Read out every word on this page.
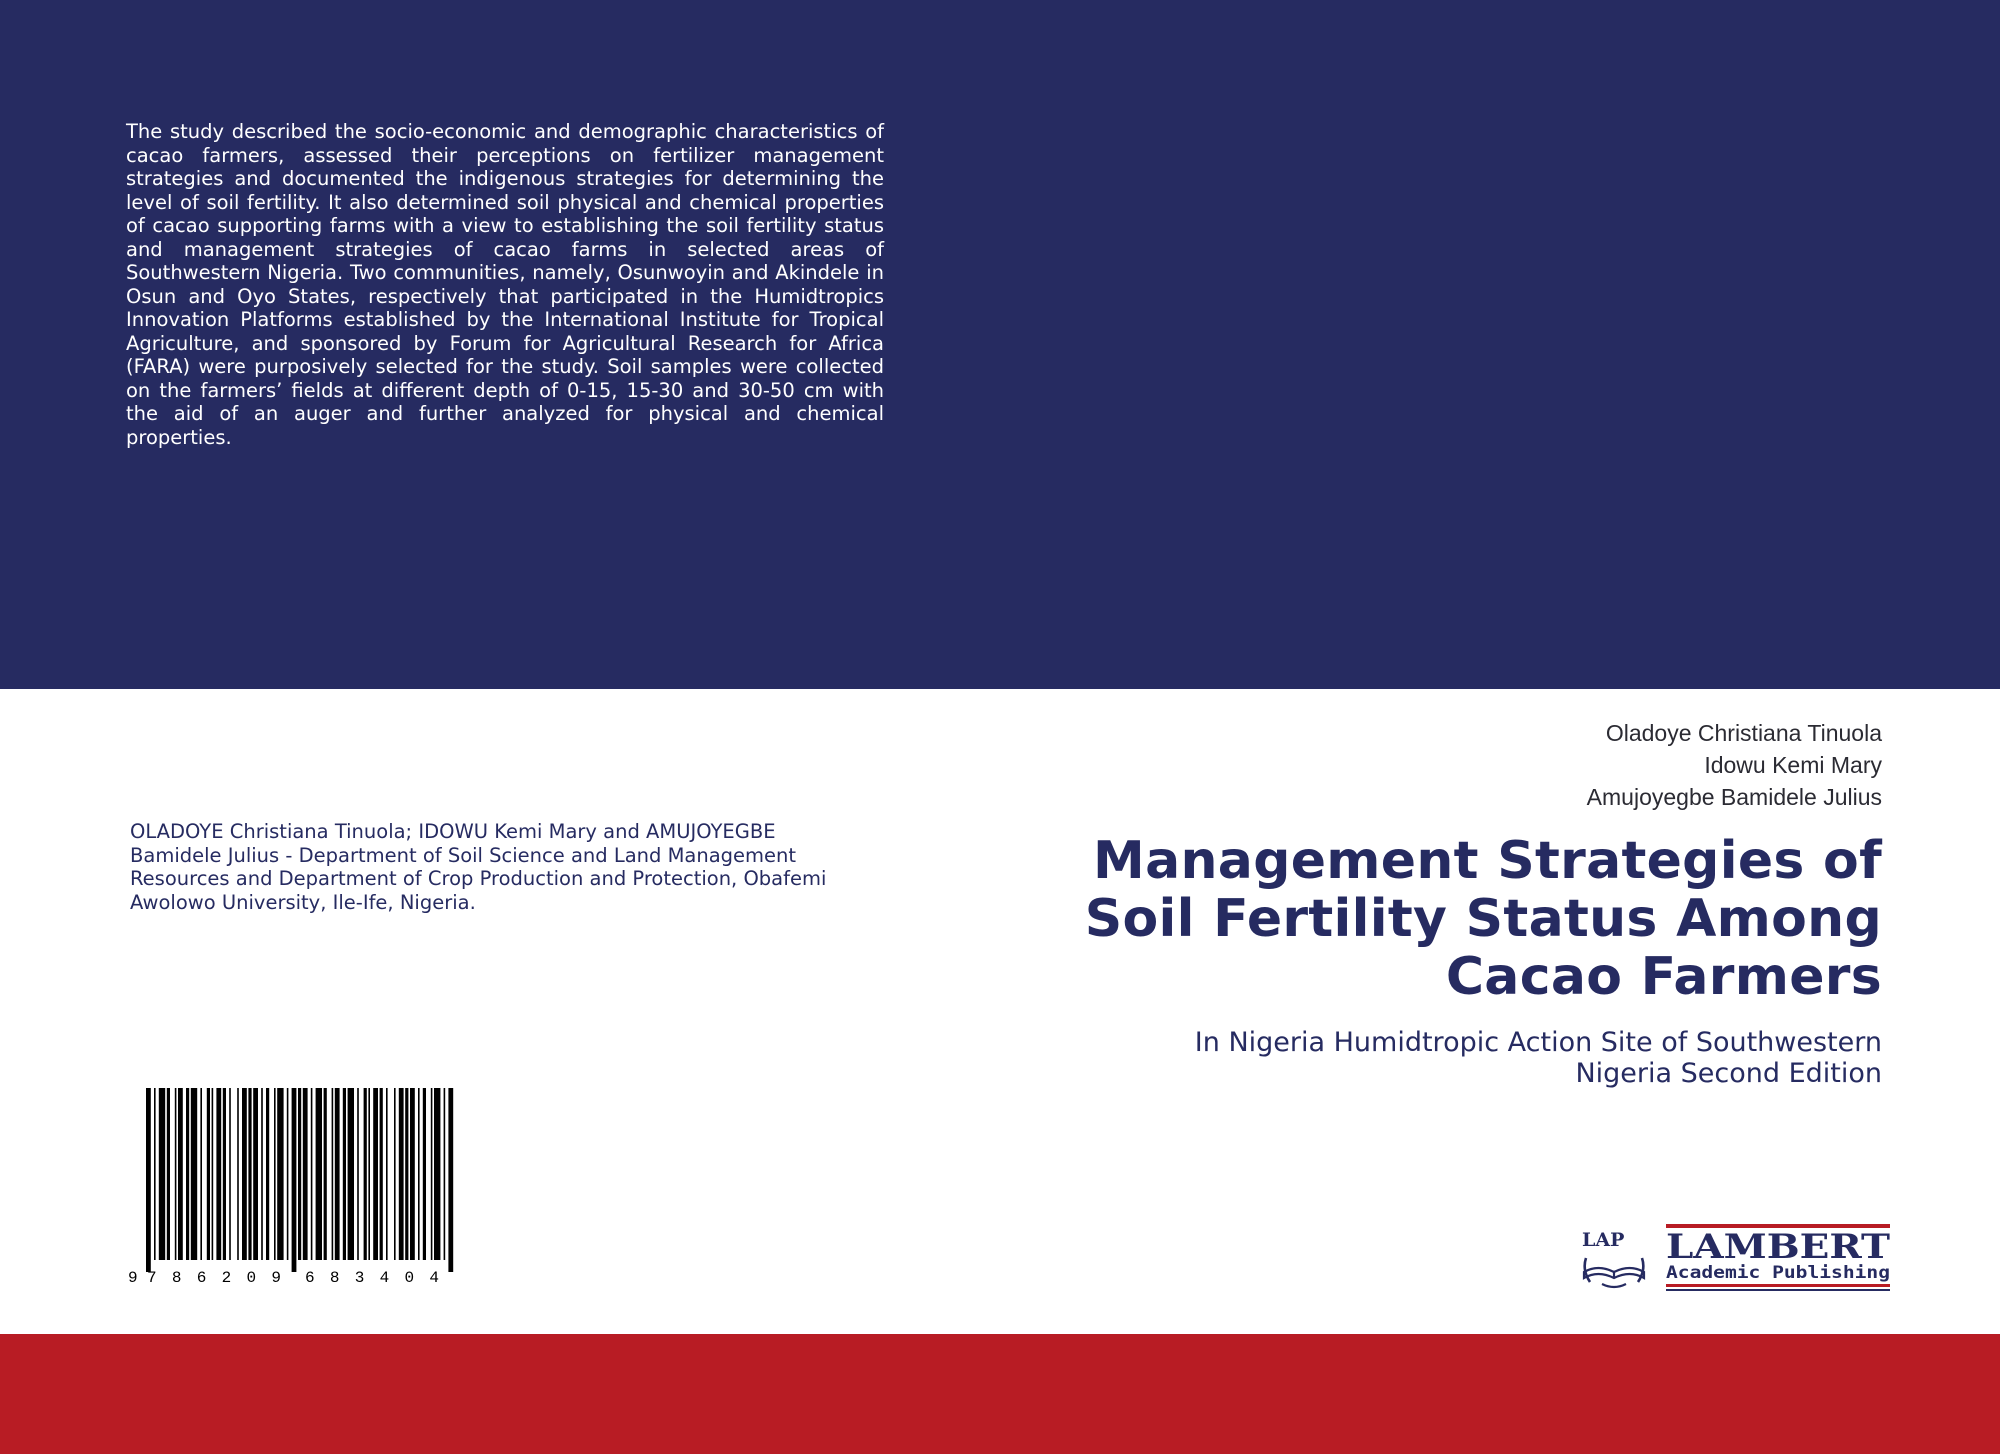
The study described the socio-economic and demographic characteristics of cacao farmers, assessed their perceptions on fertilizer management strategies and documented the indigenous strategies for determining the level of soil fertility. It also determined soil physical and chemical properties of cacao supporting farms with a view to establishing the soil fertility status and management strategies of cacao farms in selected areas of Southwestern Nigeria. Two communities, namely, Osunwoyin and Akindele in Osun and Oyo States, respectively that participated in the Humidtropics Innovation Platforms established by the International Institute for Tropical Agriculture, and sponsored by Forum for Agricultural Research for Africa (FARA) were purposively selected for the study. Soil samples were collected on the farmers’ fields at different depth of 0-15, 15-30 and 30-50 cm with the aid of an auger and further analyzed for physical and chemical properties.

Oladoye Christiana Tinuola
Idowu Kemi Mary
Amujoyegbe Bamidele Julius

OLADOYE Christiana Tinuola; IDOWU Kemi Mary and AMUJOYEGBE Bamidele Julius - Department of Soil Science and Land Management Resources and Department of Crop Production and Protection, Obafemi Awolowo University, Ile-Ife, Nigeria.

Management Strategies of
Soil Fertility Status Among
Cacao Farmers

In Nigeria Humidtropic Action Site of Southwestern
Nigeria Second Edition

9 786209 683404
LAP LAMBERT
Academic Publishing
